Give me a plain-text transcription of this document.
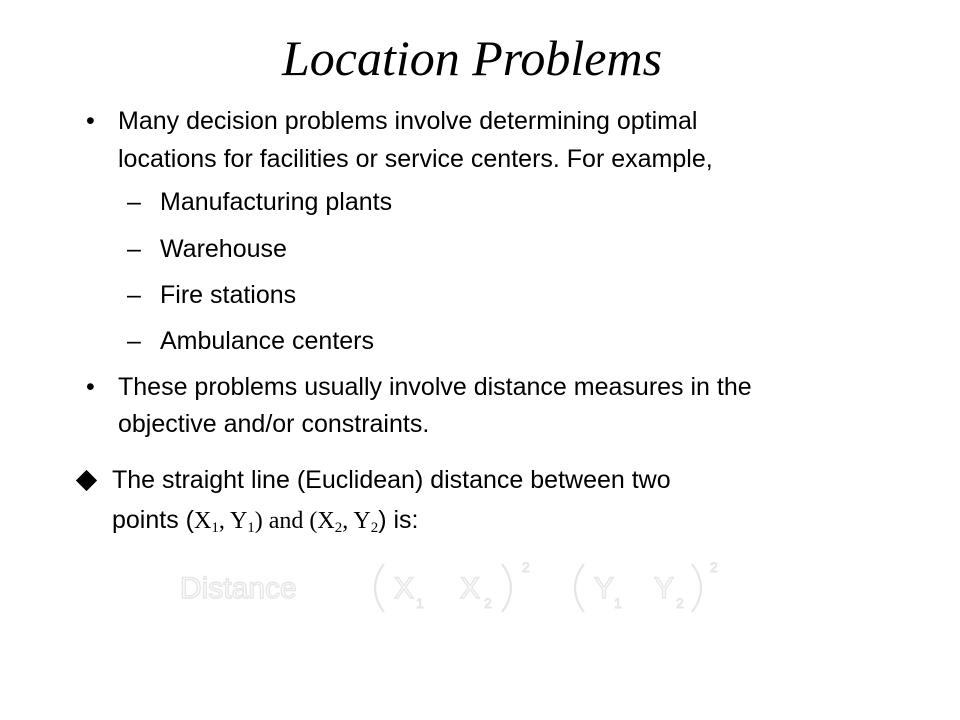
Location Problems
• Many decision problems involve determining optimal
locations for facilities or service centers. For example,
– Manufacturing plants
– Warehouse
– Fire stations
– Ambulance centers
• These problems usually involve distance measures in the
objective and/or constraints.
The straight line (Euclidean) distance between two
points ($X_1$, $Y_1$) and ($X_2$, $Y_2$) is:
Distance	X 1 X 2
2
Y 1 Y 2
2
